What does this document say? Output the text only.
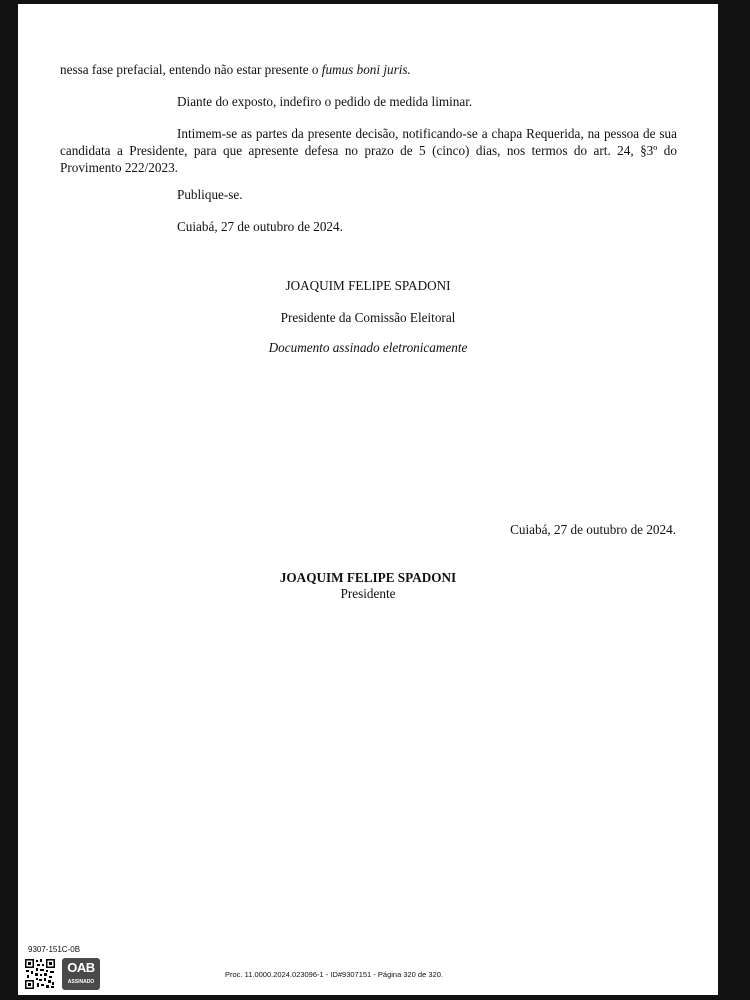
nessa fase prefacial, entendo não estar presente o fumus boni juris.
Diante do exposto, indefiro o pedido de medida liminar.
Intimem-se as partes da presente decisão, notificando-se a chapa Requerida, na pessoa de sua candidata a Presidente, para que apresente defesa no prazo de 5 (cinco) dias, nos termos do art. 24, §3º do Provimento 222/2023.
Publique-se.
Cuiabá, 27 de outubro de 2024.
JOAQUIM FELIPE SPADONI
Presidente da Comissão Eleitoral
Documento assinado eletronicamente
Cuiabá, 27 de outubro de 2024.
JOAQUIM FELIPE SPADONI
Presidente
9307-151C-0B
OAB
ASSINADO
Proc. 11.0000.2024.023096-1 - ID#9307151 - Página 320 de 320.
